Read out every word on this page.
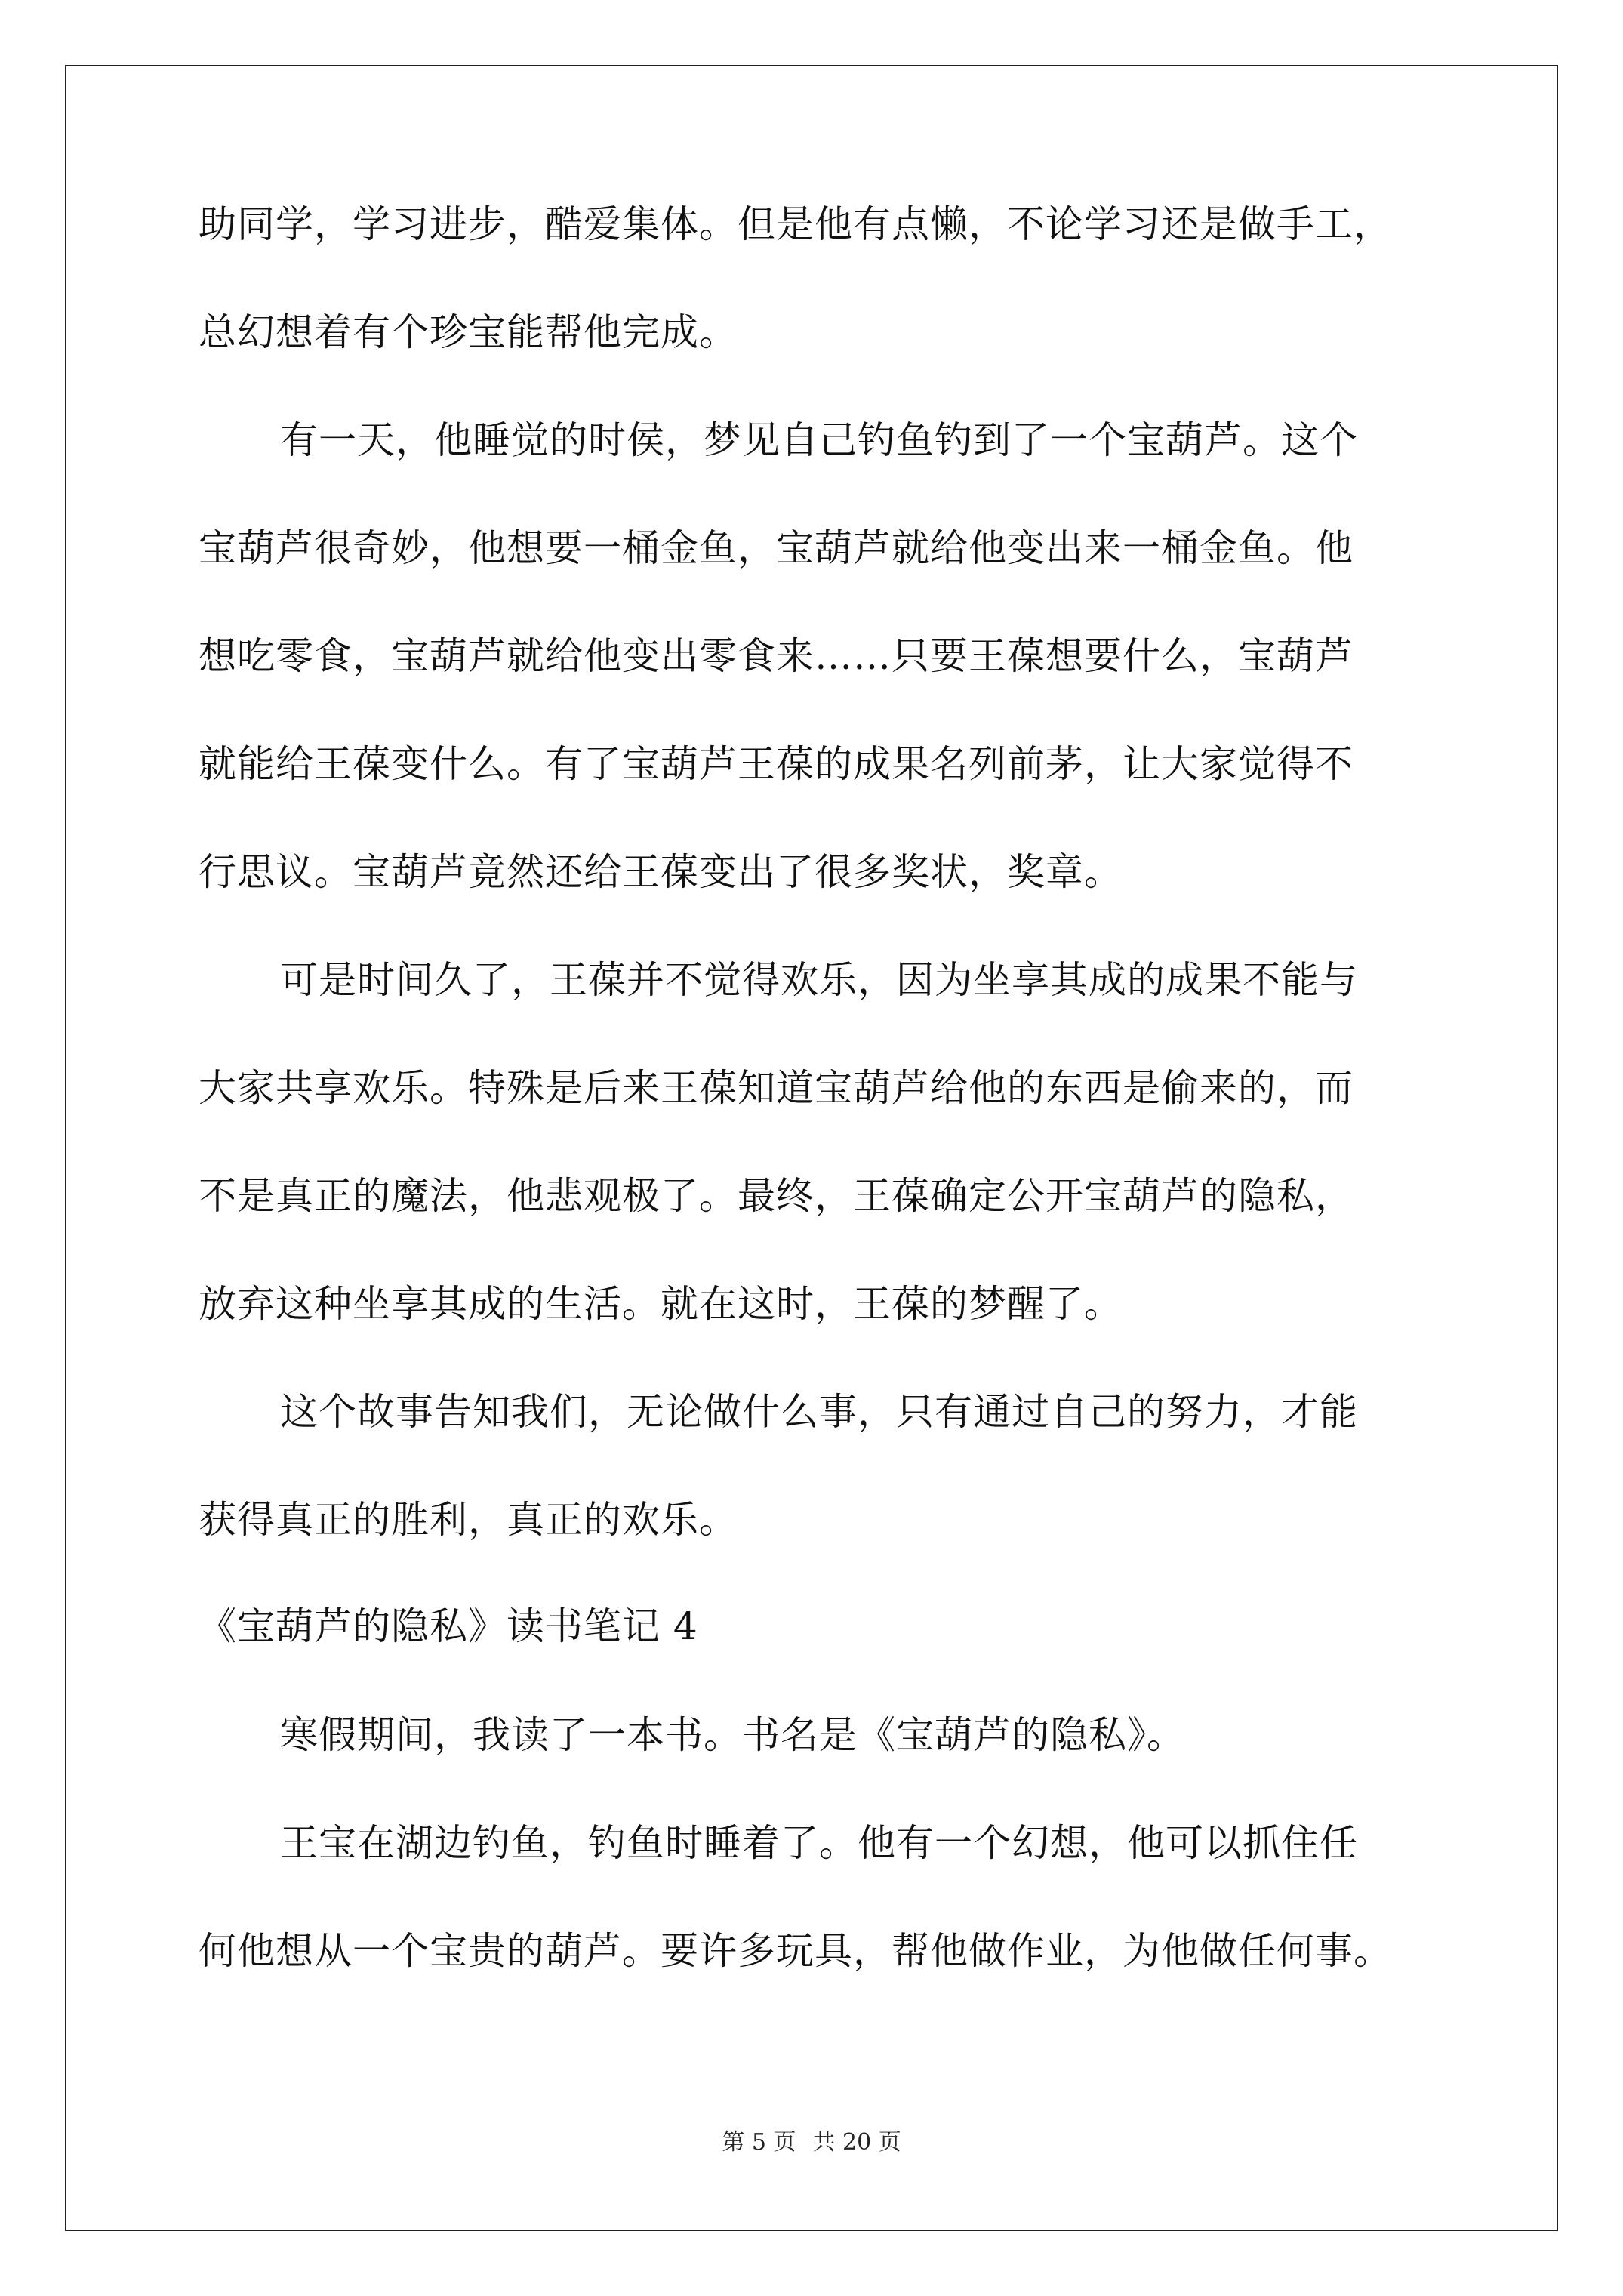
助同学，学习进步，酷爱集体。但是他有点懒，不论学习还是做手工，
总幻想着有个珍宝能帮他完成。
有一天，他睡觉的时侯，梦见自己钓鱼钓到了一个宝葫芦。这个
宝葫芦很奇妙，他想要一桶金鱼，宝葫芦就给他变出来一桶金鱼。他
想吃零食，宝葫芦就给他变出零食来……只要王葆想要什么，宝葫芦
就能给王葆变什么。有了宝葫芦王葆的成果名列前茅，让大家觉得不
行思议。宝葫芦竟然还给王葆变出了很多奖状，奖章。
可是时间久了，王葆并不觉得欢乐，因为坐享其成的成果不能与
大家共享欢乐。特殊是后来王葆知道宝葫芦给他的东西是偷来的，而
不是真正的魔法，他悲观极了。最终，王葆确定公开宝葫芦的隐私，
放弃这种坐享其成的生活。就在这时，王葆的梦醒了。
这个故事告知我们，无论做什么事，只有通过自己的努力，才能
获得真正的胜利，真正的欢乐。
《宝葫芦的隐私》读书笔记 4
寒假期间，我读了一本书。书名是《宝葫芦的隐私》。
王宝在湖边钓鱼，钓鱼时睡着了。他有一个幻想，他可以抓住任
何他想从一个宝贵的葫芦。要许多玩具，帮他做作业，为他做任何事。
第 5 页 共 20 页
